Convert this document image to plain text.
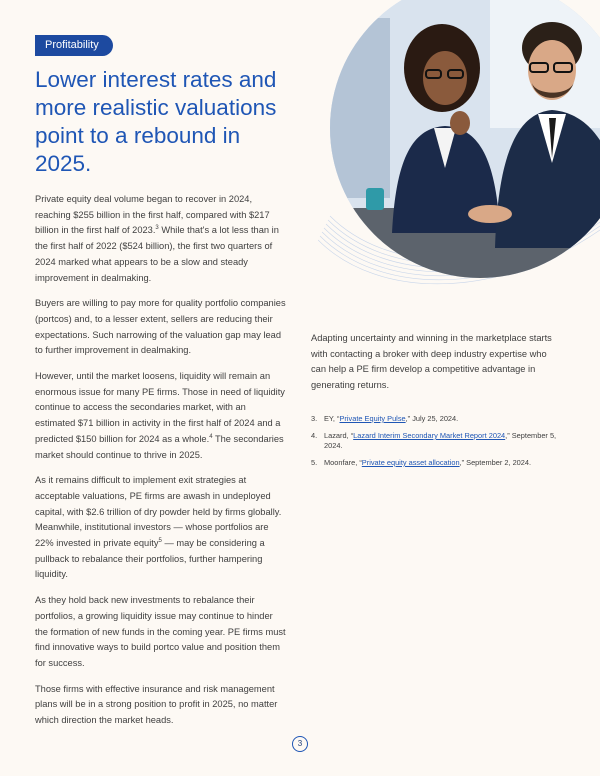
Profitability
Lower interest rates and more realistic valuations point to a rebound in 2025.

Private equity deal volume began to recover in 2024, reaching $255 billion in the first half, compared with $217 billion in the first half of 2023.$^3$ While that's a lot less than in the first half of 2022 ($524 billion), the first two quarters of 2024 marked what appears to be a slow and steady improvement in dealmaking.

Buyers are willing to pay more for quality portfolio companies (portcos) and, to a lesser extent, sellers are reducing their expectations. Such narrowing of the valuation gap may lead to further improvement in dealmaking.

However, until the market loosens, liquidity will remain an enormous issue for many PE firms. Those in need of liquidity continue to access the secondaries market, with an estimated $71 billion in activity in the first half of 2024 and a predicted $150 billion for 2024 as a whole.$^4$ The secondaries market should continue to thrive in 2025.

As it remains difficult to implement exit strategies at acceptable valuations, PE firms are awash in undeployed capital, with $2.6 trillion of dry powder held by firms globally. Meanwhile, institutional investors — whose portfolios are 22% invested in private equity$^5$ — may be considering a pullback to rebalance their portfolios, further hampering liquidity.

As they hold back new investments to rebalance their portfolios, a growing liquidity issue may continue to hinder the formation of new funds in the coming year. PE firms must find innovative ways to build portco value and position them for success.

Those firms with effective insurance and risk management plans will be in a strong position to profit in 2025, no matter which direction the market heads.

Adapting uncertainty and winning in the marketplace starts with contacting a broker with deep industry expertise who can help a PE firm develop a competitive advantage in generating returns.

3. EY, “Private Equity Pulse,” July 25, 2024.
4. Lazard, “Lazard Interim Secondary Market Report 2024,” September 5, 2024.
5. Moonfare, “Private equity asset allocation,” September 2, 2024.
3
